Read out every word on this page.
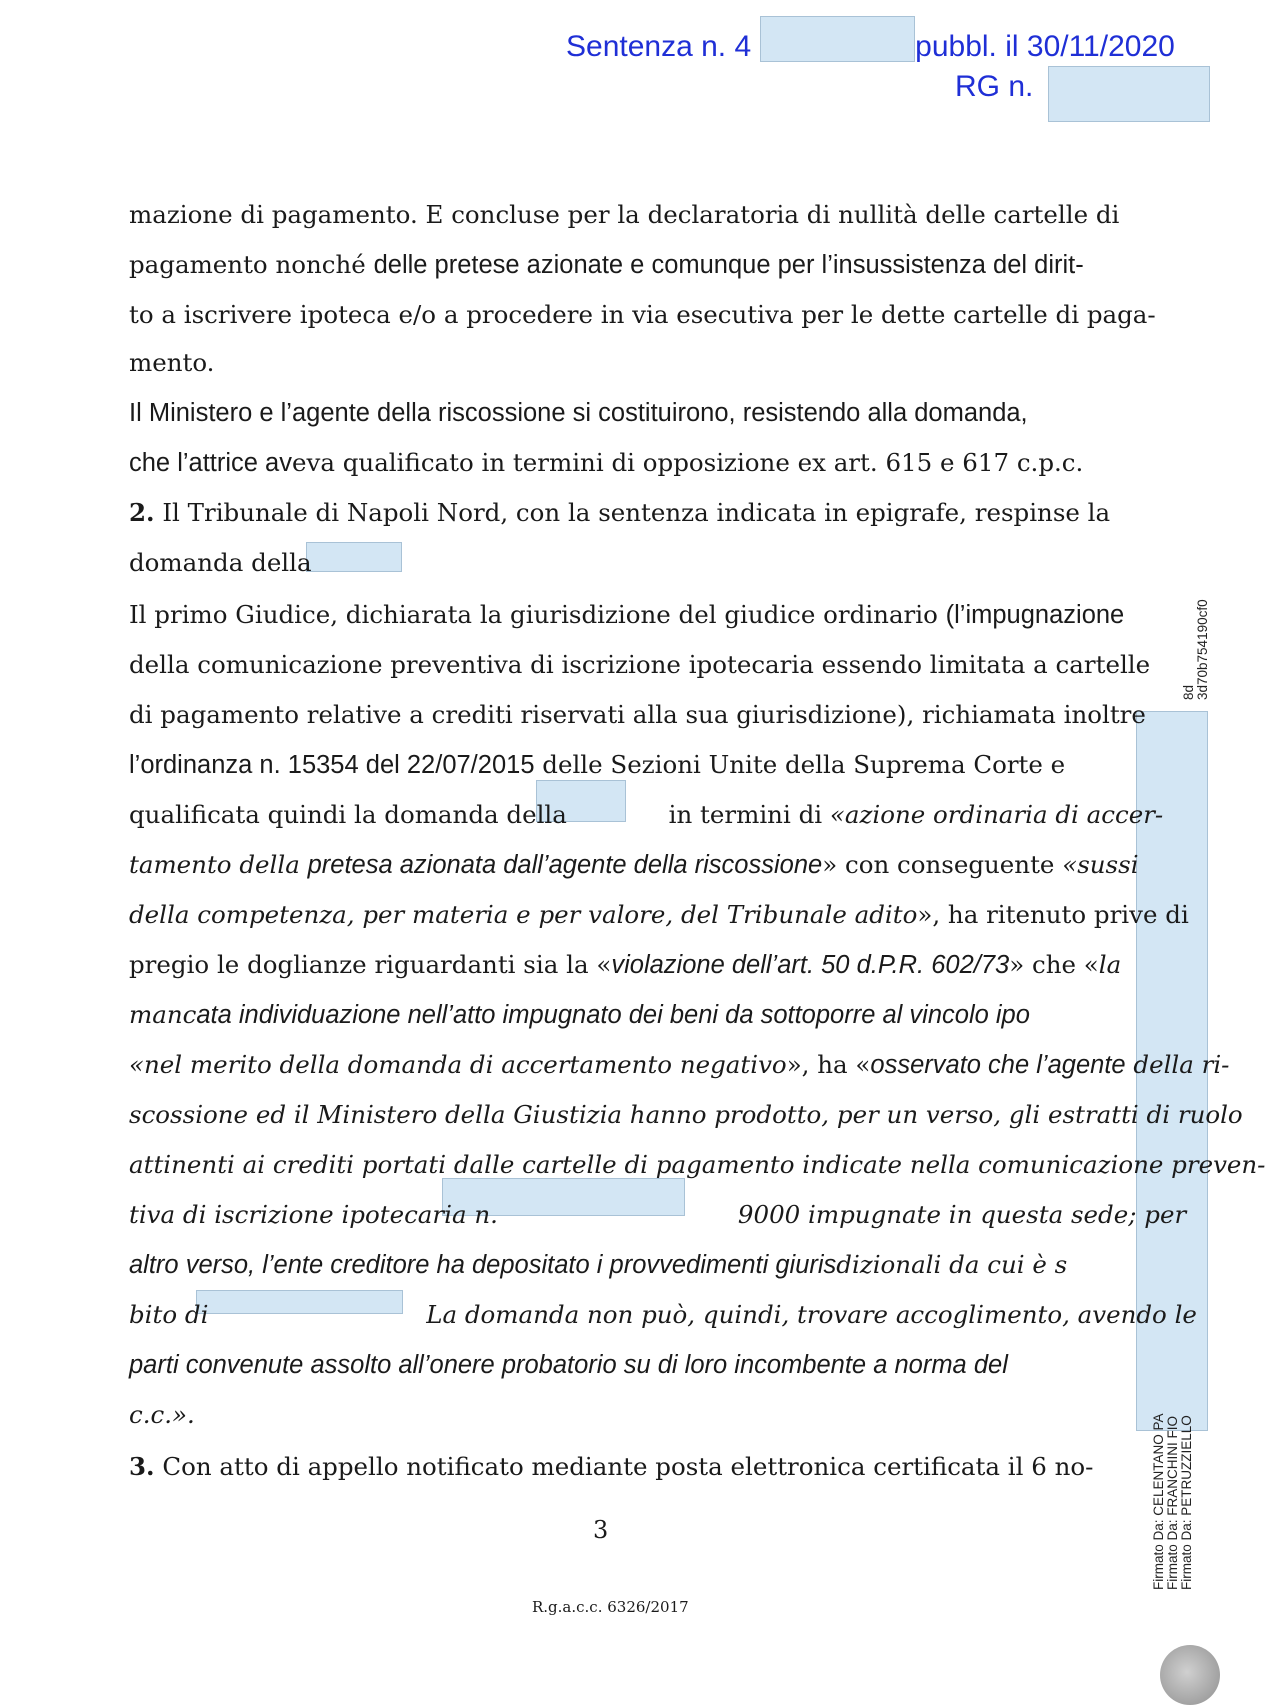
Sentenza n. 4	pubbl. il 30/11/2020
RG n.
mazione di pagamento. E concluse per la declaratoria di nullità delle cartelle di
pagamento nonché delle pretese azionate e comunque per l’insussistenza del dirit-
to a iscrivere ipoteca e/o a procedere in via esecutiva per le dette cartelle di paga-
mento.
Il Ministero e l’agente della riscossione si costituirono, resistendo alla domanda,
che l’attrice aveva qualificato in termini di opposizione ex art. 615 e 617 c.p.c.
2. Il Tribunale di Napoli Nord, con la sentenza indicata in epigrafe, respinse la
domanda della
Il primo Giudice, dichiarata la giurisdizione del giudice ordinario (l’impugnazione
della comunicazione preventiva di iscrizione ipotecaria essendo limitata a cartelle
di pagamento relative a crediti riservati alla sua giurisdizione), richiamata inoltre
l’ordinanza n. 15354 del 22/07/2015 delle Sezioni Unite della Suprema Corte e
qualificata quindi la domanda della	in termini di «azione ordinaria di accer-
tamento della pretesa azionata dall’agente della riscossione» con conseguente «sussi
della competenza, per materia e per valore, del Tribunale adito», ha ritenuto prive di
pregio le doglianze riguardanti sia la «violazione dell’art. 50 d.P.R. 602/73» che «la
mancata individuazione nell’atto impugnato dei beni da sottoporre al vincolo ipo
«nel merito della domanda di accertamento negativo», ha «osservato che l’agente della ri-
scossione ed il Ministero della Giustizia hanno prodotto, per un verso, gli estratti di ruolo
attinenti ai crediti portati dalle cartelle di pagamento indicate nella comunicazione preven-
tiva di iscrizione ipotecaria n.	9000 impugnate in questa sede; per
altro verso, l’ente creditore ha depositato i provvedimenti giurisdizionali da cui è s
bito di	La domanda non può, quindi, trovare accoglimento, avendo le
parti convenute assolto all’onere probatorio su di loro incombente a norma del
c.c.».
3. Con atto di appello notificato mediante posta elettronica certificata il 6 no-
3
R.g.a.c.c. 6326/2017
8d 3d70b754190cf0
Firmato Da: CELENTANO PA Firmato Da: FRANCHINI FIO Firmato Da: PETRUZZIELLO
